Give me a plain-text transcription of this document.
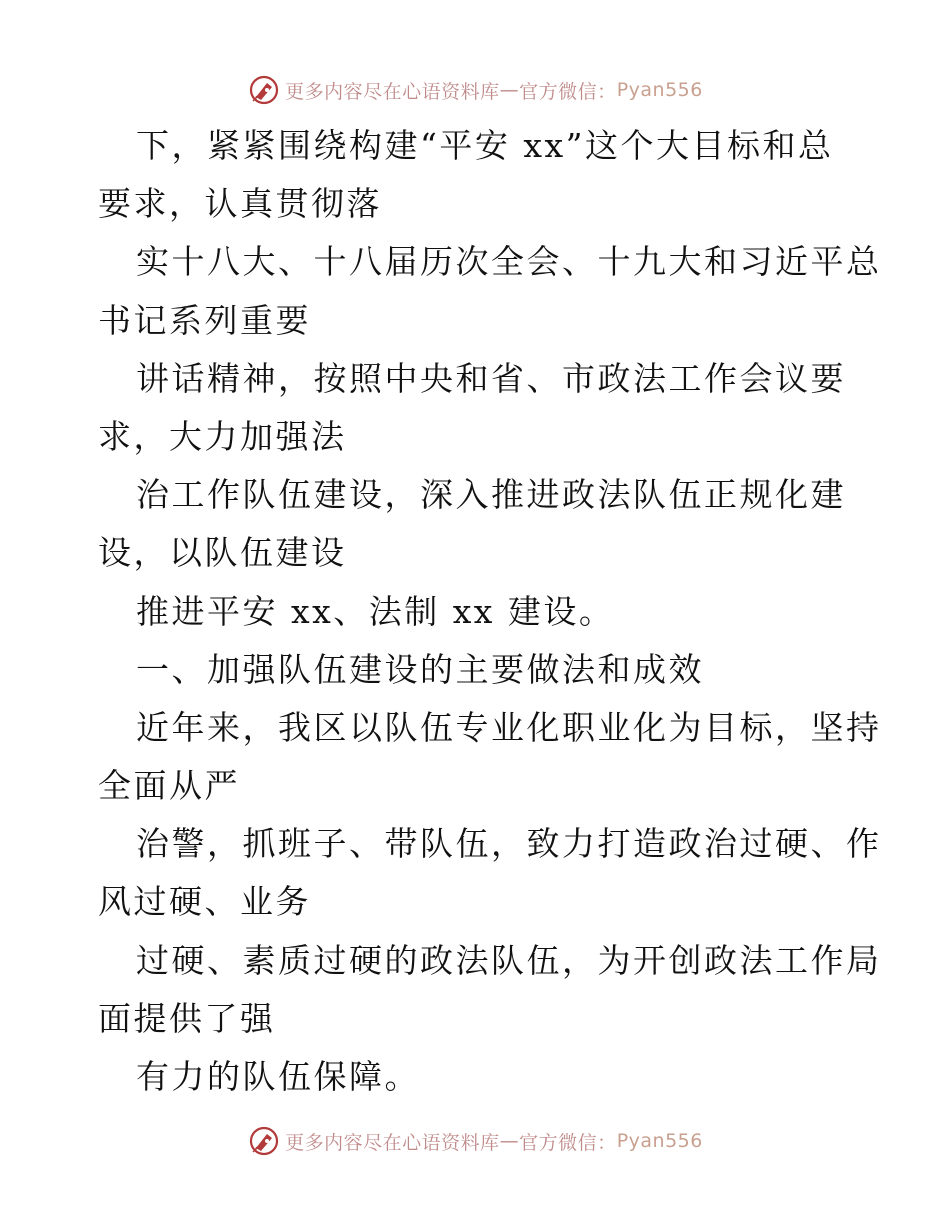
更多内容尽在心语资料库 — 官方微信： Pyan556
下，紧紧围绕构建“平安 xx”这个大目标和总
要求，认真贯彻落
实十八大、十八届历次全会、十九大和习近平总
书记系列重要
讲话精神，按照中央和省、市政法工作会议要
求，大力加强法
治工作队伍建设，深入推进政法队伍正规化建
设，以队伍建设
推进平安 xx、法制 xx 建设。
一、加强队伍建设的主要做法和成效
近年来，我区以队伍专业化职业化为目标，坚持
全面从严
治警，抓班子、带队伍，致力打造政治过硬、作
风过硬、业务
过硬、素质过硬的政法队伍，为开创政法工作局
面提供了强
有力的队伍保障。
更多内容尽在心语资料库 — 官方微信： Pyan556
